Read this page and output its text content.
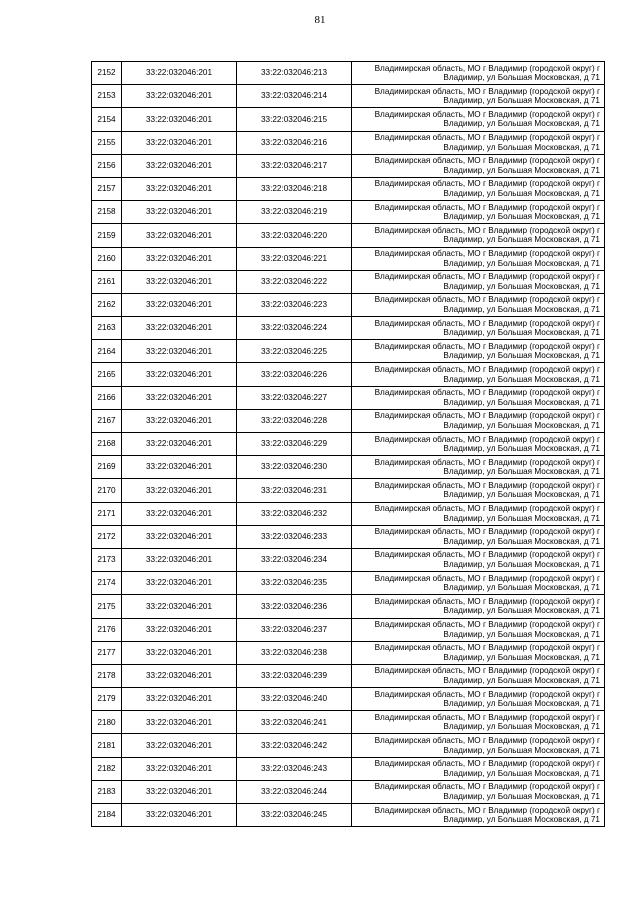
81
2152	33:22:032046:201	33:22:032046:213	Владимирская область, МО г Владимир (городской округ) г
Владимир, ул Большая Московская, д 71

2153	33:22:032046:201	33:22:032046:214	Владимирская область, МО г Владимир (городской округ) г
Владимир, ул Большая Московская, д 71

2154	33:22:032046:201	33:22:032046:215	Владимирская область, МО г Владимир (городской округ) г
Владимир, ул Большая Московская, д 71

2155	33:22:032046:201	33:22:032046:216	Владимирская область, МО г Владимир (городской округ) г
Владимир, ул Большая Московская, д 71

2156	33:22:032046:201	33:22:032046:217	Владимирская область, МО г Владимир (городской округ) г
Владимир, ул Большая Московская, д 71

2157	33:22:032046:201	33:22:032046:218	Владимирская область, МО г Владимир (городской округ) г
Владимир, ул Большая Московская, д 71

2158	33:22:032046:201	33:22:032046:219	Владимирская область, МО г Владимир (городской округ) г
Владимир, ул Большая Московская, д 71

2159	33:22:032046:201	33:22:032046:220	Владимирская область, МО г Владимир (городской округ) г
Владимир, ул Большая Московская, д 71

2160	33:22:032046:201	33:22:032046:221	Владимирская область, МО г Владимир (городской округ) г
Владимир, ул Большая Московская, д 71

2161	33:22:032046:201	33:22:032046:222	Владимирская область, МО г Владимир (городской округ) г
Владимир, ул Большая Московская, д 71

2162	33:22:032046:201	33:22:032046:223	Владимирская область, МО г Владимир (городской округ) г
Владимир, ул Большая Московская, д 71

2163	33:22:032046:201	33:22:032046:224	Владимирская область, МО г Владимир (городской округ) г
Владимир, ул Большая Московская, д 71

2164	33:22:032046:201	33:22:032046:225	Владимирская область, МО г Владимир (городской округ) г
Владимир, ул Большая Московская, д 71

2165	33:22:032046:201	33:22:032046:226	Владимирская область, МО г Владимир (городской округ) г
Владимир, ул Большая Московская, д 71

2166	33:22:032046:201	33:22:032046:227	Владимирская область, МО г Владимир (городской округ) г
Владимир, ул Большая Московская, д 71

2167	33:22:032046:201	33:22:032046:228	Владимирская область, МО г Владимир (городской округ) г
Владимир, ул Большая Московская, д 71

2168	33:22:032046:201	33:22:032046:229	Владимирская область, МО г Владимир (городской округ) г
Владимир, ул Большая Московская, д 71

2169	33:22:032046:201	33:22:032046:230	Владимирская область, МО г Владимир (городской округ) г
Владимир, ул Большая Московская, д 71

2170	33:22:032046:201	33:22:032046:231	Владимирская область, МО г Владимир (городской округ) г
Владимир, ул Большая Московская, д 71

2171	33:22:032046:201	33:22:032046:232	Владимирская область, МО г Владимир (городской округ) г
Владимир, ул Большая Московская, д 71

2172	33:22:032046:201	33:22:032046:233	Владимирская область, МО г Владимир (городской округ) г
Владимир, ул Большая Московская, д 71

2173	33:22:032046:201	33:22:032046:234	Владимирская область, МО г Владимир (городской округ) г
Владимир, ул Большая Московская, д 71

2174	33:22:032046:201	33:22:032046:235	Владимирская область, МО г Владимир (городской округ) г
Владимир, ул Большая Московская, д 71

2175	33:22:032046:201	33:22:032046:236	Владимирская область, МО г Владимир (городской округ) г
Владимир, ул Большая Московская, д 71

2176	33:22:032046:201	33:22:032046:237	Владимирская область, МО г Владимир (городской округ) г
Владимир, ул Большая Московская, д 71

2177	33:22:032046:201	33:22:032046:238	Владимирская область, МО г Владимир (городской округ) г
Владимир, ул Большая Московская, д 71

2178	33:22:032046:201	33:22:032046:239	Владимирская область, МО г Владимир (городской округ) г
Владимир, ул Большая Московская, д 71

2179	33:22:032046:201	33:22:032046:240	Владимирская область, МО г Владимир (городской округ) г
Владимир, ул Большая Московская, д 71

2180	33:22:032046:201	33:22:032046:241	Владимирская область, МО г Владимир (городской округ) г
Владимир, ул Большая Московская, д 71

2181	33:22:032046:201	33:22:032046:242	Владимирская область, МО г Владимир (городской округ) г
Владимир, ул Большая Московская, д 71

2182	33:22:032046:201	33:22:032046:243	Владимирская область, МО г Владимир (городской округ) г
Владимир, ул Большая Московская, д 71

2183	33:22:032046:201	33:22:032046:244	Владимирская область, МО г Владимир (городской округ) г
Владимир, ул Большая Московская, д 71

2184	33:22:032046:201	33:22:032046:245	Владимирская область, МО г Владимир (городской округ) г
Владимир, ул Большая Московская, д 71
